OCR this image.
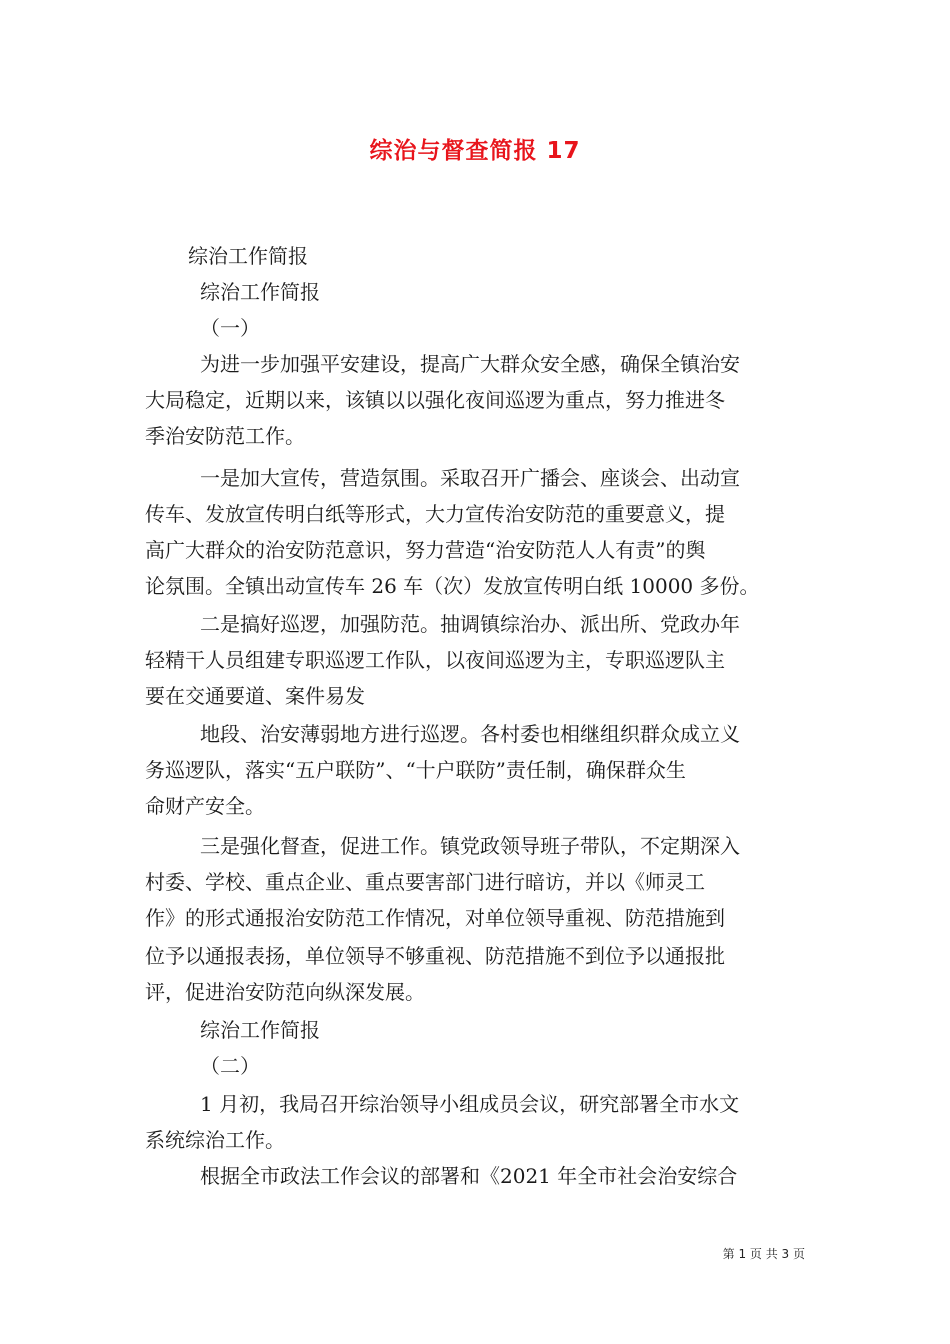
综治与督查简报 17
综治工作简报
综治工作简报
（一）
为进一步加强平安建设，提高广大群众安全感，确保全镇治安
大局稳定，近期以来，该镇以以强化夜间巡逻为重点，努力推进冬
季治安防范工作。
一是加大宣传，营造氛围。采取召开广播会、座谈会、出动宣
传车、发放宣传明白纸等形式，大力宣传治安防范的重要意义，提
高广大群众的治安防范意识，努力营造“治安防范人人有责”的舆
论氛围。全镇出动宣传车 26 车（次）发放宣传明白纸 10000 多份。
二是搞好巡逻，加强防范。抽调镇综治办、派出所、党政办年
轻精干人员组建专职巡逻工作队，以夜间巡逻为主，专职巡逻队主
要在交通要道、案件易发
地段、治安薄弱地方进行巡逻。各村委也相继组织群众成立义
务巡逻队，落实“五户联防”、“十户联防”责任制，确保群众生
命财产安全。
三是强化督查，促进工作。镇党政领导班子带队，不定期深入
村委、学校、重点企业、重点要害部门进行暗访，并以《师灵工
作》的形式通报治安防范工作情况，对单位领导重视、防范措施到
位予以通报表扬，单位领导不够重视、防范措施不到位予以通报批
评，促进治安防范向纵深发展。
综治工作简报
（二）
1 月初，我局召开综治领导小组成员会议，研究部署全市水文
系统综治工作。
根据全市政法工作会议的部署和《2021 年全市社会治安综合
第 1 页 共 3 页
